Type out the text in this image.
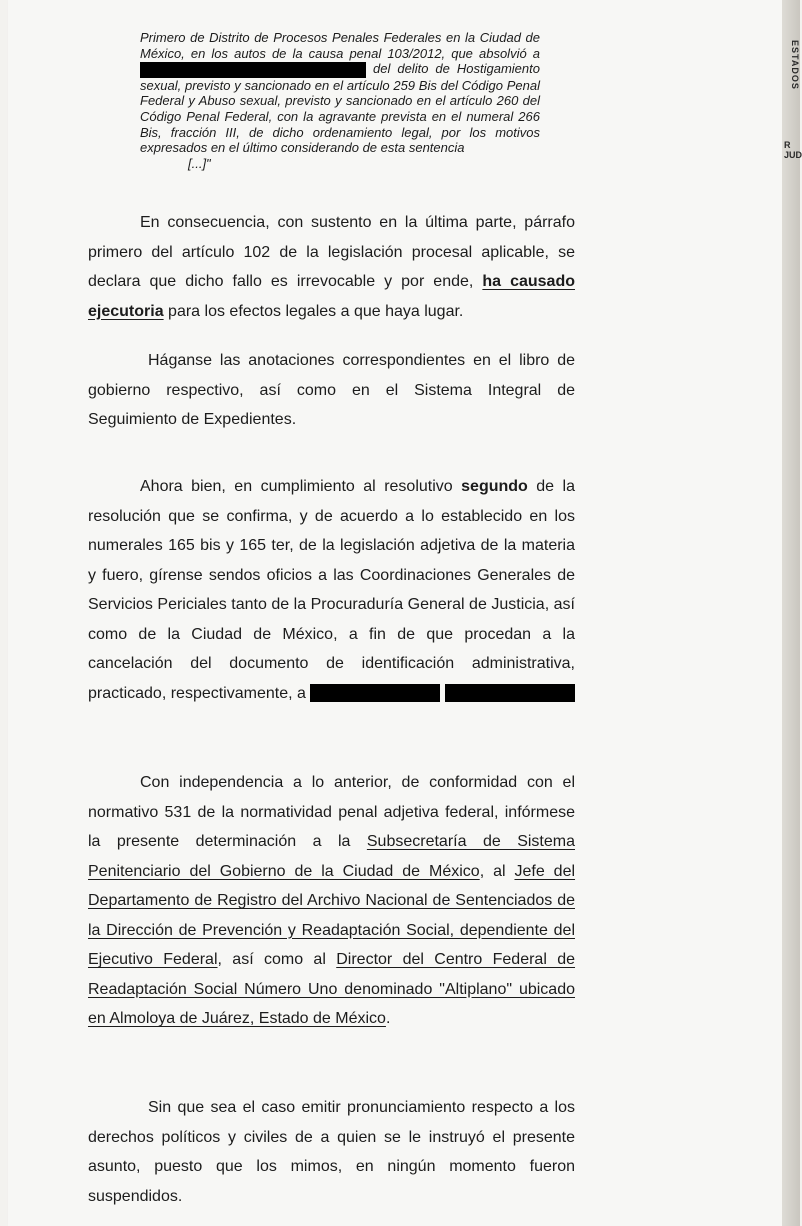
ESTADOS
R JUD

Primero de Distrito de Procesos Penales Federales en la Ciudad de México, en los autos de la causa penal 103/2012, que absolvió a  del delito de Hostigamiento sexual, previsto y sancionado en el artículo 259 Bis del Código Penal Federal y Abuso sexual, previsto y sancionado en el artículo 260 del Código Penal Federal, con la agravante prevista en el numeral 266 Bis, fracción III, de dicho ordenamiento legal, por los motivos expresados en el último considerando de esta sentencia

[...]"

En consecuencia, con sustento en la última parte, párrafo primero del artículo 102 de la legislación procesal aplicable, se declara que dicho fallo es irrevocable y por ende, ha causado ejecutoria para los efectos legales a que haya lugar.

Háganse las anotaciones correspondientes en el libro de gobierno respectivo, así como en el Sistema Integral de Seguimiento de Expedientes.

Ahora bien, en cumplimiento al resolutivo segundo de la resolución que se confirma, y de acuerdo a lo establecido en los numerales 165 bis y 165 ter, de la legislación adjetiva de la materia y fuero, gírense sendos oficios a las Coordinaciones Generales de Servicios Periciales tanto de la Procuraduría General de Justicia, así como de la Ciudad de México, a fin de que procedan a la cancelación del documento de identificación administrativa, practicado, respectivamente, a

Con independencia a lo anterior, de conformidad con el normativo 531 de la normatividad penal adjetiva federal, infórmese la presente determinación a la Subsecretaría de Sistema Penitenciario del Gobierno de la Ciudad de México, al Jefe del Departamento de Registro del Archivo Nacional de Sentenciados de la Dirección de Prevención y Readaptación Social, dependiente del Ejecutivo Federal, así como al Director del Centro Federal de Readaptación Social Número Uno denominado "Altiplano" ubicado en Almoloya de Juárez, Estado de México.

Sin que sea el caso emitir pronunciamiento respecto a los derechos políticos y civiles de a quien se le instruyó el presente asunto, puesto que los mimos, en ningún momento fueron suspendidos.
